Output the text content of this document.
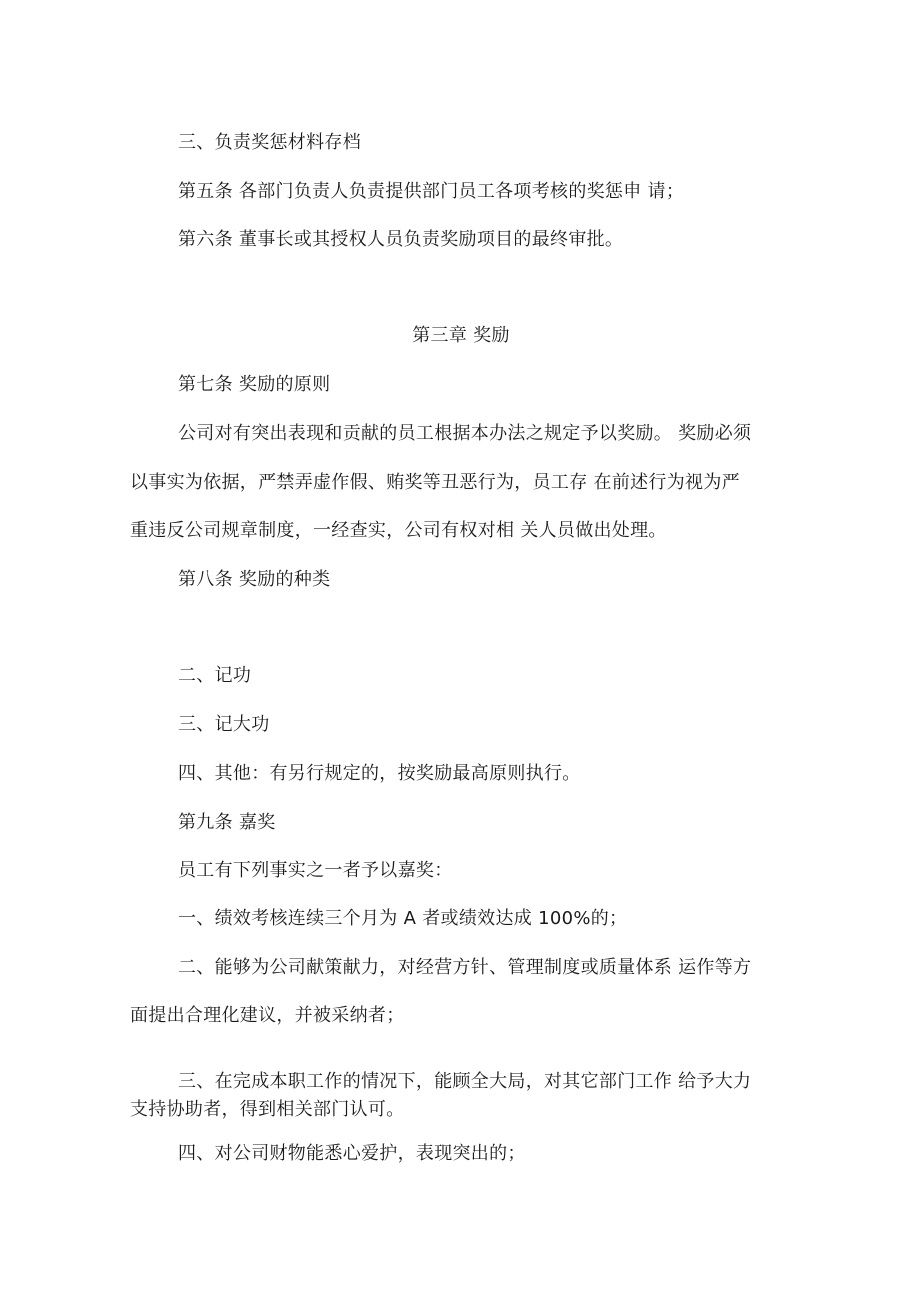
三、负责奖惩材料存档
第五条 各部门负责人负责提供部门员工各项考核的奖惩申 请；
第六条 董事长或其授权人员负责奖励项目的最终审批。
第三章 奖励
第七条 奖励的原则
公司对有突出表现和贡献的员工根据本办法之规定予以奖励。 奖励必须
以事实为依据，严禁弄虚作假、贿奖等丑恶行为，员工存 在前述行为视为严
重违反公司规章制度，一经查实，公司有权对相 关人员做出处理。
第八条 奖励的种类
二、记功
三、记大功
四、其他：有另行规定的，按奖励最高原则执行。
第九条 嘉奖
员工有下列事实之一者予以嘉奖：
一、绩效考核连续三个月为 A 者或绩效达成 100%的；
二、能够为公司献策献力，对经营方针、管理制度或质量体系 运作等方
面提出合理化建议，并被采纳者；
三、在完成本职工作的情况下，能顾全大局，对其它部门工作 给予大力
支持协助者，得到相关部门认可。
四、对公司财物能悉心爱护，表现突出的；
